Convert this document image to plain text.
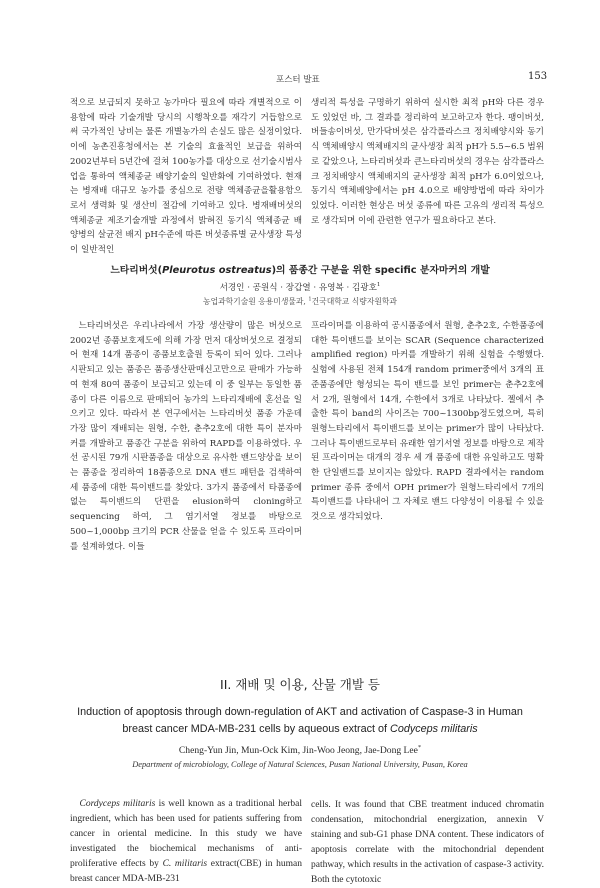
포스터 발표	153

적으로 보급되지 못하고 농가마다 필요에 따라 개별적으로 이용함에 따라 기술개발 당시의 시행착오를 재각기 거듭함으로써 국가적인 낭비는 물론 개별농가의 손실도 많은 실정이었다. 이에 농촌진흥청에서는 본 기술의 효율적인 보급을 위하여 2002년부터 5년간에 걸쳐 100농가를 대상으로 선기술시범사업을 통하여 액체종균 배양기술의 일반화에 기여하였다. 현재는 병재배 대규모 농가를 중심으로 전량 액체종균을활용함으로서 생력화 및 생산비 절감에 기여하고 있다. 병재배버섯의 액체종균 제조기술개발 과정에서 밝혀진 동기식 액체종균 배양병의 살균전 배지 pH수준에 따른 버섯종류별 균사생장 특성이 일반적인

생리적 특성을 구명하기 위하여 실시한 최적 pH와 다른 경우도 있었던 바, 그 결과를 정리하여 보고하고자 한다. 팽이버섯, 버들송이버섯, 만가닥버섯은 삼각플라스크 정치배양시와 동기식 액체배양시 액체배지의 균사생장 최적 pH가 5.5~6.5 범위로 같았으나, 느타리버섯과 큰느타리버섯의 경우는 삼각플라스크 정치배양시 액체배지의 균사생장 최적 pH가 6.0이었으나, 동기식 액체배양에서는 pH 4.0으로 배양방법에 따라 차이가 있었다. 이러한 현상은 버섯 종류에 따른 고유의 생리적 특성으로 생각되며 이에 관련한 연구가 필요하다고 본다.

느타리버섯(Pleurotus ostreatus)의 품종간 구분을 위한 specific 분자마커의 개발
서경인 · 공원식 · 장갑열 · 유영복 · 김광호$^1$
농업과학기술원 응용미생물과, $^1$건국대학교 식량자원학과

느타리버섯은 우리나라에서 가장 생산량이 많은 버섯으로 2002년 종품보호제도에 의해 가장 먼저 대상버섯으로 결정되어 현재 14개 품종이 종품보호출원 등록이 되어 있다. 그러나 시판되고 있는 품종은 품종생산판매신고만으로 판매가 가능하여 현재 80여 품종이 보급되고 있는데 이 중 일부는 동일한 품종이 다른 이름으로 판매되어 농가의 느타리재배에 혼선을 일으키고 있다. 따라서 본 연구에서는 느타리버섯 품종 가운데 가장 많이 재배되는 원형, 수한, 춘추2호에 대한 특이 분자마커를 개발하고 품종간 구분을 위하여 RAPD를 이용하였다. 우선 공시된 79개 시판품종을 대상으로 유사한 밴드양상을 보이는 품종을 정리하여 18품종으로 DNA 밴드 패턴을 검색하여 세 품종에 대한 특이밴드를 찾았다. 3가지 품종에서 타품종에 없는 특이밴드의 단편을 elusion하여 cloning하고 sequencing 하여, 그 염기서열 정보를 바탕으로 500~1,000bp 크기의 PCR 산물을 얻을 수 있도록 프라이머를 설계하였다. 이들

프라이머를 이용하여 공시품종에서 원형, 춘추2호, 수한품종에 대한 특이밴드를 보이는 SCAR (Sequence characterized amplified region) 마커를 개발하기 위해 실험을 수행했다. 실험에 사용된 전체 154개 random primer중에서 3개의 표준품종에만 형성되는 특이 밴드를 보인 primer는 춘추2호에서 2개, 원형에서 14개, 수한에서 3개로 나타났다. 젤에서 추출한 특이 band의 사이즈는 700~1300bp정도였으며, 특히 원형느타리에서 특이밴드를 보이는 primer가 많이 나타났다. 그러나 특이밴드로부터 유래한 염기서열 정보를 바탕으로 제작된 프라이머는 대개의 경우 세 개 품종에 대한 유일하고도 명확한 단일밴드를 보이지는 않았다. RAPD 결과에서는 random primer 종류 중에서 OPH primer가 원형느타리에서 7개의 특이밴드를 나타내어 그 자체로 밴드 다양성이 이용될 수 있을 것으로 생각되었다.

II. 재배 및 이용, 산물 개발 등
Induction of apoptosis through down-regulation of AKT and activation of Caspase-3 in Human
breast cancer MDA-MB-231 cells by aqueous extract of Codyceps militaris
Cheng-Yun Jin, Mun-Ock Kim, Jin-Woo Jeong, Jae-Dong Lee*
Department of microbiology, College of Natural Sciences, Pusan National University, Pusan, Korea

Cordyceps militaris is well known as a traditional herbal ingredient, which has been used for patients suffering from cancer in oriental medicine. In this study we have investigated the biochemical mechanisms of anti-proliferative effects by C. militaris extract(CBE) in human breast cancer MDA-MB-231

cells. It was found that CBE treatment induced chromatin condensation, mitochondrial energization, annexin V staining and sub-G1 phase DNA content. These indicators of apoptosis correlate with the mitochondrial dependent pathway, which results in the activation of caspase-3 activity. Both the cytotoxic
